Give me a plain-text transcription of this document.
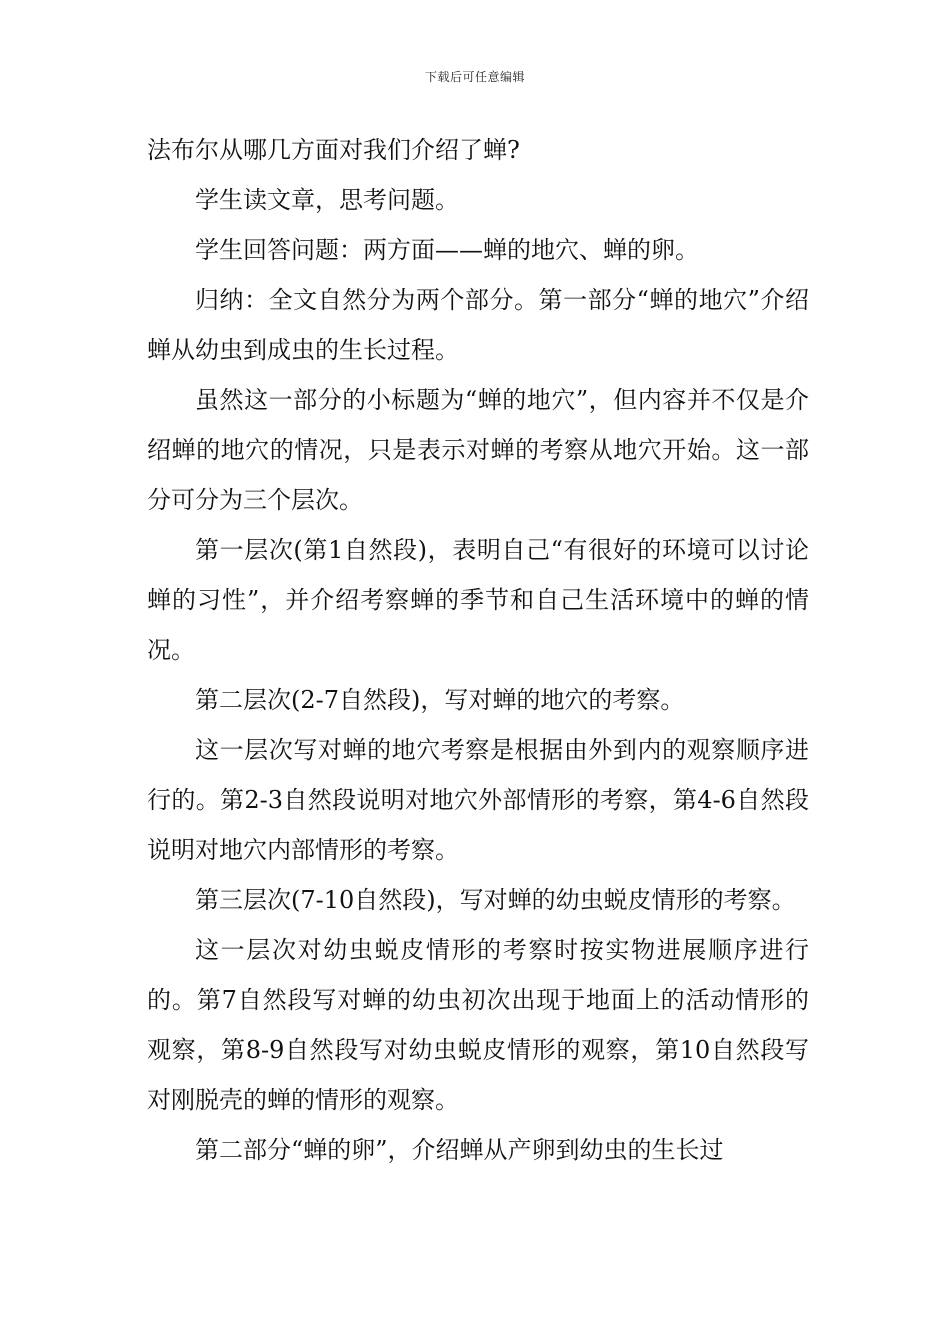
下载后可任意编辑

法布尔从哪几方面对我们介绍了蝉?

学生读文章，思考问题。

学生回答问题：两方面——蝉的地穴、蝉的卵。

归纳：全文自然分为两个部分。第一部分“蝉的地穴”介绍蝉从幼虫到成虫的生长过程。

虽然这一部分的小标题为“蝉的地穴”，但内容并不仅是介绍蝉的地穴的情况，只是表示对蝉的考察从地穴开始。这一部分可分为三个层次。

第一层次(第1自然段)，表明自己“有很好的环境可以讨论蝉的习性”，并介绍考察蝉的季节和自己生活环境中的蝉的情况。

第二层次(2-7自然段)，写对蝉的地穴的考察。

这一层次写对蝉的地穴考察是根据由外到内的观察顺序进行的。第2-3自然段说明对地穴外部情形的考察，第4-6自然段说明对地穴内部情形的考察。

第三层次(7-10自然段)，写对蝉的幼虫蜕皮情形的考察。

这一层次对幼虫蜕皮情形的考察时按实物进展顺序进行的。第7自然段写对蝉的幼虫初次出现于地面上的活动情形的观察，第8-9自然段写对幼虫蜕皮情形的观察，第10自然段写对刚脱壳的蝉的情形的观察。

第二部分“蝉的卵”，介绍蝉从产卵到幼虫的生长过
